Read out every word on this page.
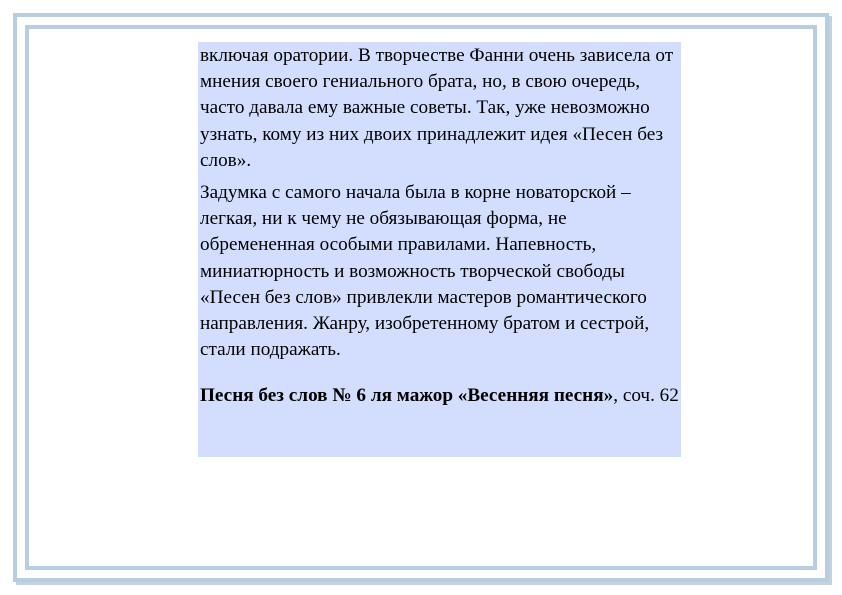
включая оратории. В творчестве Фанни очень зависела от мнения своего гениального брата, но, в свою очередь, часто давала ему важные советы. Так, уже невозможно узнать, кому из них двоих принадлежит идея «Песен без слов».

Задумка с самого начала была в корне новаторской – легкая, ни к чему не обязывающая форма, не обремененная особыми правилами. Напевность, миниатюрность и возможность творческой свободы «Песен без слов» привлекли мастеров романтического направления. Жанру, изобретенному братом и сестрой, стали подражать.

Песня без слов № 6 ля мажор «Весенняя песня», соч. 62
